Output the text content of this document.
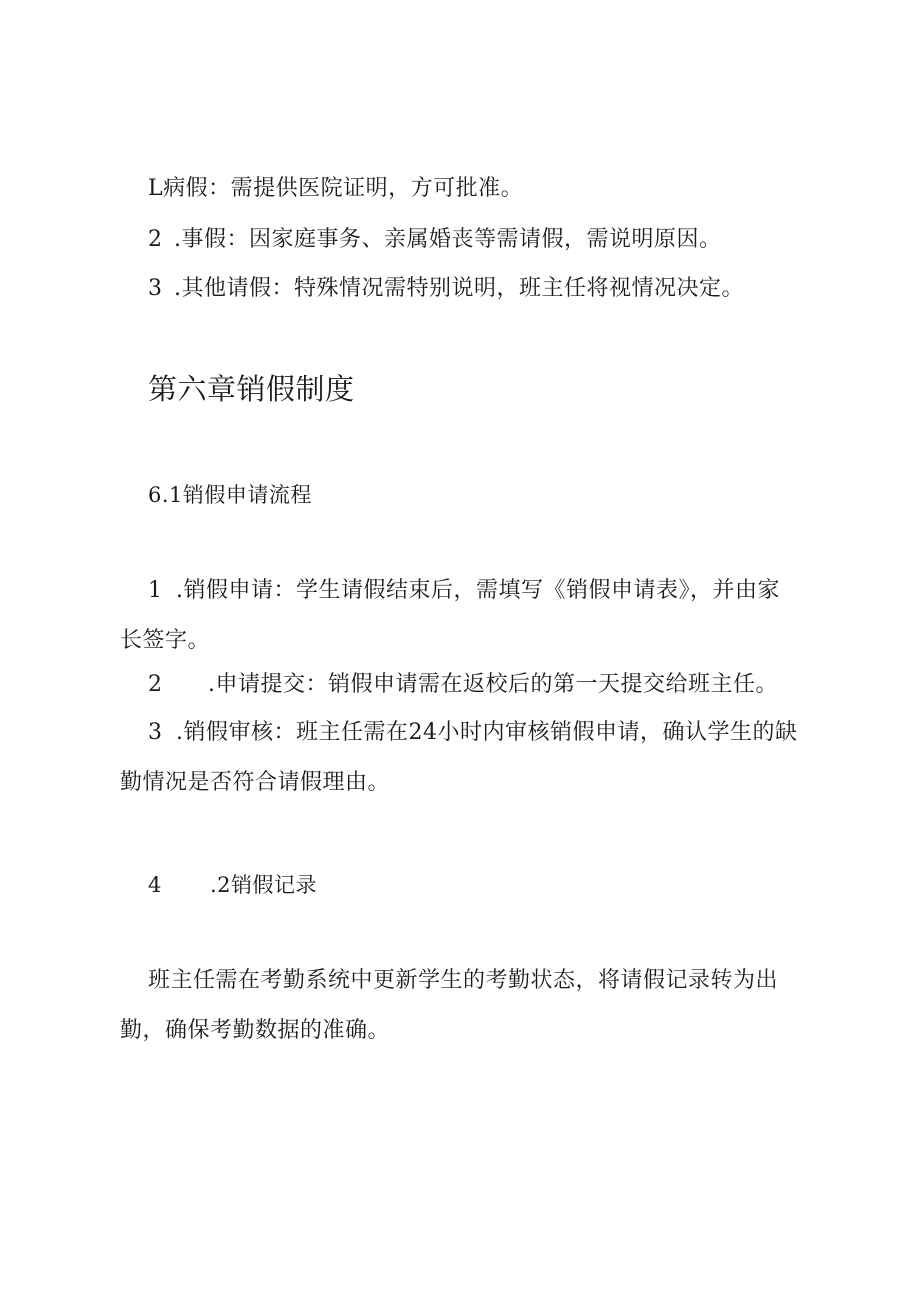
L病假：需提供医院证明，方可批准。
2 .事假：因家庭事务、亲属婚丧等需请假，需说明原因。
3 .其他请假：特殊情况需特别说明，班主任将视情况决定。
第六章销假制度
6.1销假申请流程
1 .销假申请：学生请假结束后，需填写《销假申请表》，并由家
长签字。
2 .申请提交：销假申请需在返校后的第一天提交给班主任。
3 .销假审核：班主任需在24小时内审核销假申请，确认学生的缺
勤情况是否符合请假理由。
4 .2销假记录
班主任需在考勤系统中更新学生的考勤状态，将请假记录转为出
勤，确保考勤数据的准确。
